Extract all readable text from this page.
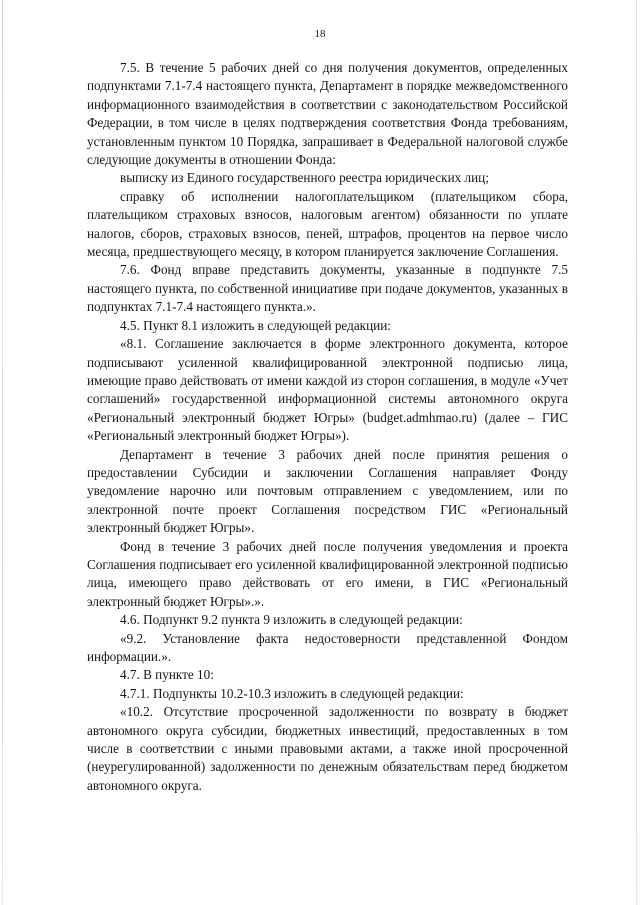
18

7.5. В течение 5 рабочих дней со дня получения документов, определенных подпунктами 7.1-7.4 настоящего пункта, Департамент в порядке межведомственного информационного взаимодействия в соответствии с законодательством Российской Федерации, в том числе в целях подтверждения соответствия Фонда требованиям, установленным пунктом 10 Порядка, запрашивает в Федеральной налоговой службе следующие документы в отношении Фонда:

выписку из Единого государственного реестра юридических лиц;

справку об исполнении налогоплательщиком (плательщиком сбора, плательщиком страховых взносов, налоговым агентом) обязанности по уплате налогов, сборов, страховых взносов, пеней, штрафов, процентов на первое число месяца, предшествующего месяцу, в котором планируется заключение Соглашения.

7.6. Фонд вправе представить документы, указанные в подпункте 7.5 настоящего пункта, по собственной инициативе при подаче документов, указанных в подпунктах 7.1-7.4 настоящего пункта.».

4.5. Пункт 8.1 изложить в следующей редакции:

«8.1. Соглашение заключается в форме электронного документа, которое подписывают усиленной квалифицированной электронной подписью лица, имеющие право действовать от имени каждой из сторон соглашения, в модуле «Учет соглашений» государственной информационной системы автономного округа «Региональный электронный бюджет Югры» (budget.admhmao.ru) (далее – ГИС «Региональный электронный бюджет Югры»).

Департамент в течение 3 рабочих дней после принятия решения о предоставлении Субсидии и заключении Соглашения направляет Фонду уведомление нарочно или почтовым отправлением с уведомлением, или по электронной почте проект Соглашения посредством ГИС «Региональный электронный бюджет Югры».

Фонд в течение 3 рабочих дней после получения уведомления и проекта Соглашения подписывает его усиленной квалифицированной электронной подписью лица, имеющего право действовать от его имени, в ГИС «Региональный электронный бюджет Югры».».

4.6. Подпункт 9.2 пункта 9 изложить в следующей редакции:

«9.2. Установление факта недостоверности представленной Фондом информации.».

4.7. В пункте 10:

4.7.1. Подпункты 10.2-10.3 изложить в следующей редакции:

«10.2. Отсутствие просроченной задолженности по возврату в бюджет автономного округа субсидии, бюджетных инвестиций, предоставленных в том числе в соответствии с иными правовыми актами, а также иной просроченной (неурегулированной) задолженности по денежным обязательствам перед бюджетом автономного округа.
